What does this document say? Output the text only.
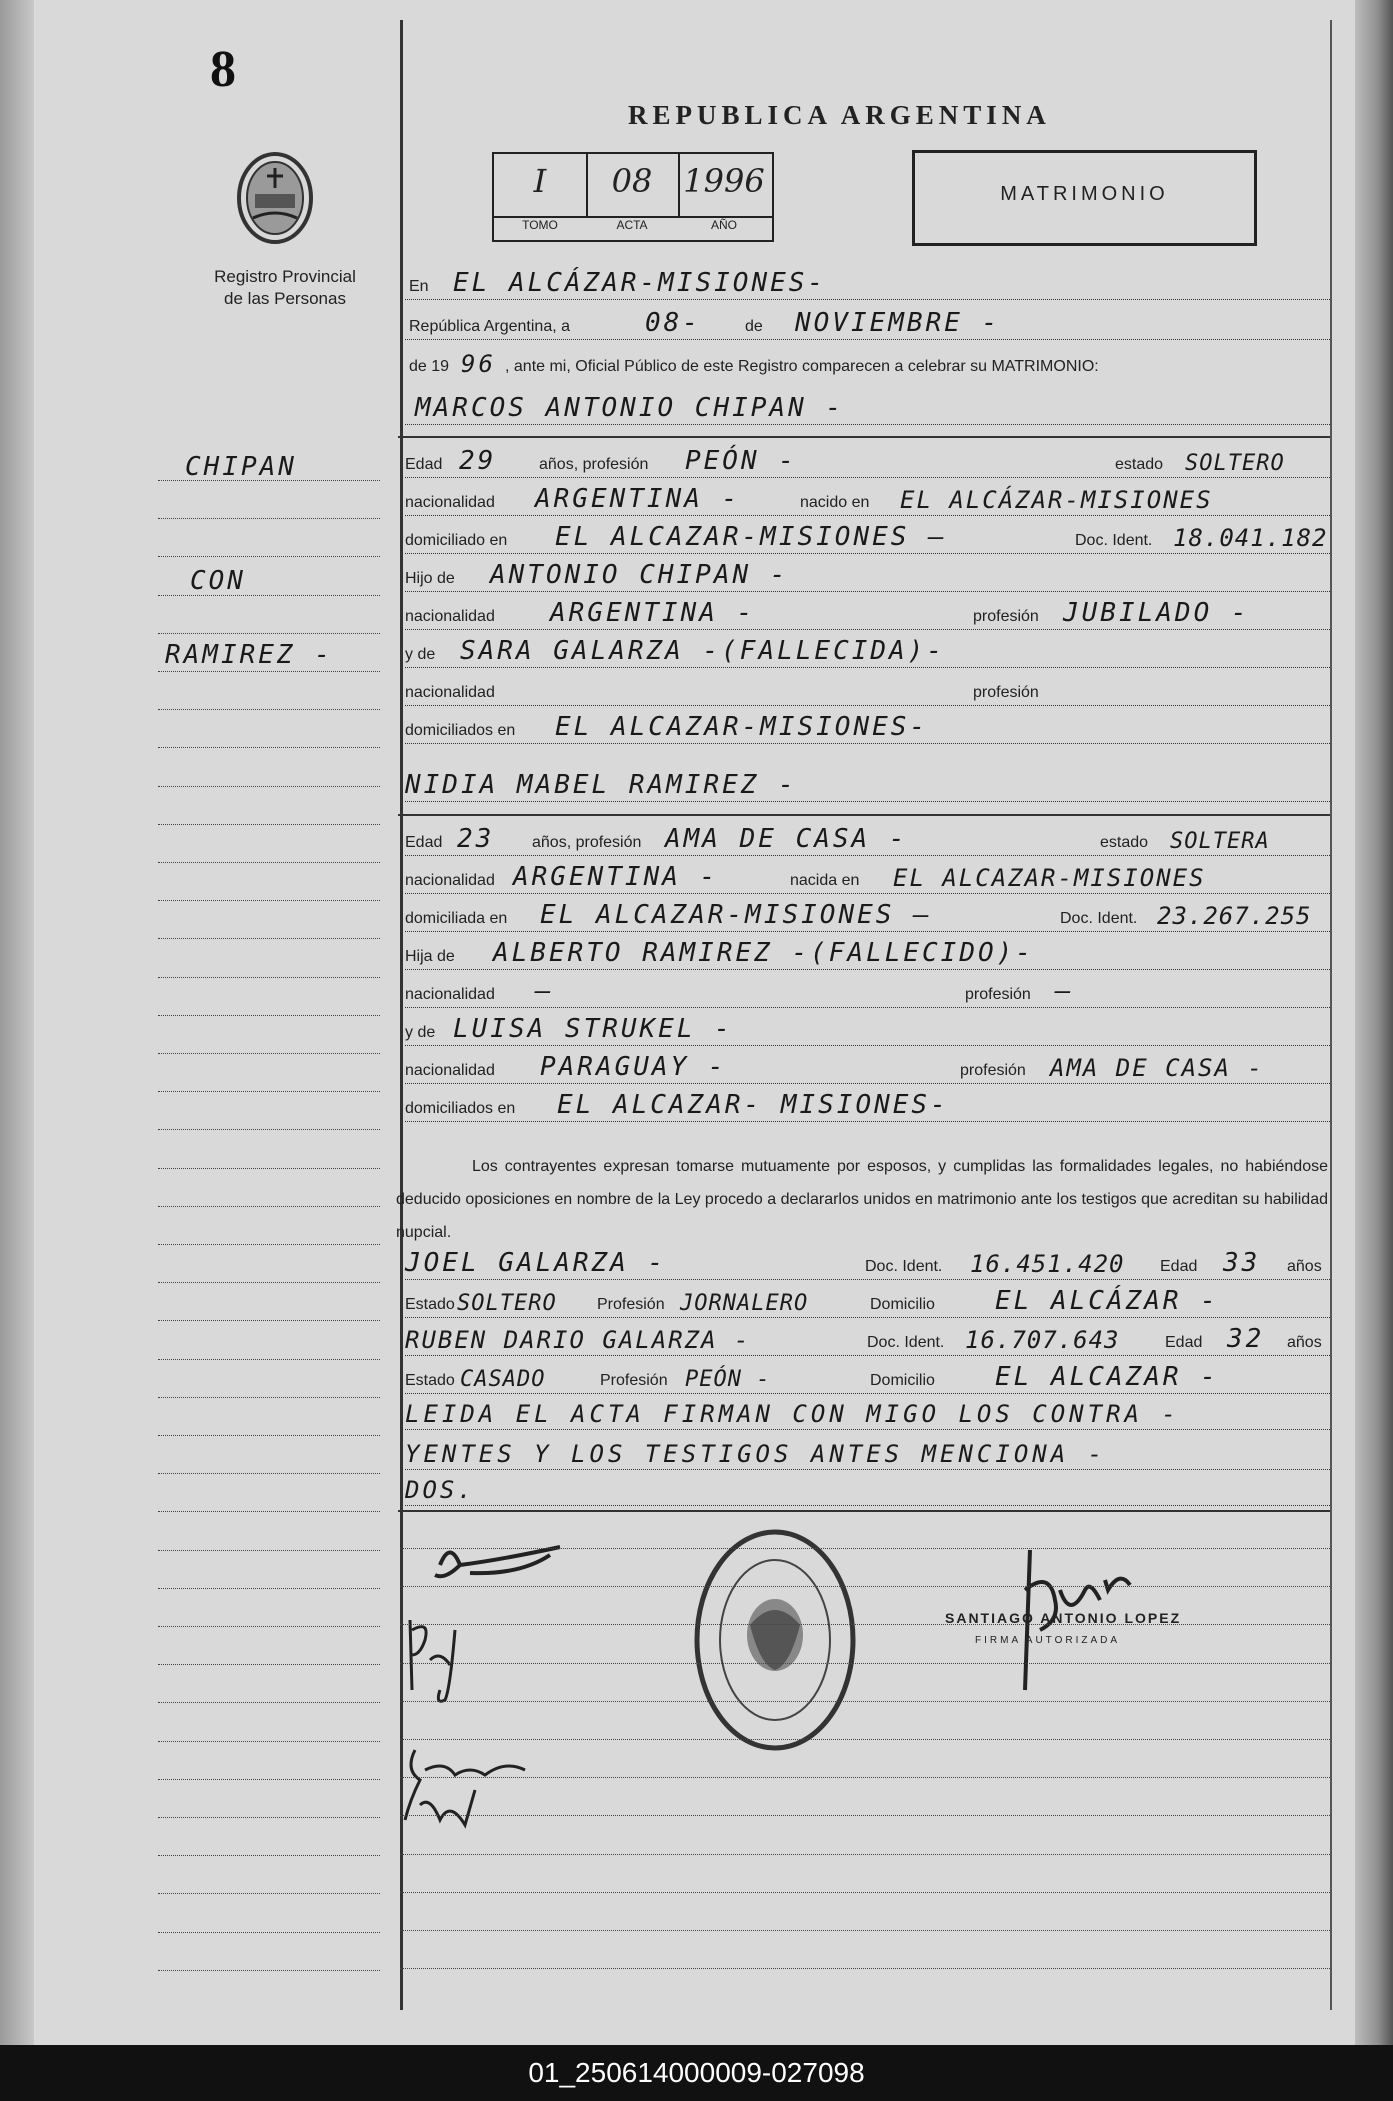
8
Registro Provincial
de las Personas
REPUBLICA ARGENTINA
I	08 1996
TOMO	ACTA	AÑO
MATRIMONIO
En EL ALCÁZAR-MISIONES-
República Argentina, a	08-	de NOVIEMBRE -
de 19 96 , ante mi, Oficial Público de este Registro comparecen a celebrar su MATRIMONIO:
MARCOS ANTONIO CHIPAN -
Edad 29	años, profesión PEÓN -	estado SOLTERO
nacionalidad ARGENTINA -	nacido en EL ALCÁZAR-MISIONES
domiciliado en EL ALCAZAR-MISIONES —	Doc. Ident. 18.041.182
Hijo de ANTONIO CHIPAN -
nacionalidad ARGENTINA -	profesión JUBILADO -
y de SARA GALARZA -(FALLECIDA)-
nacionalidad	profesión
domiciliados en EL ALCAZAR-MISIONES-
NIDIA MABEL RAMIREZ -
Edad 23 años, profesión AMA DE CASA -	estado SOLTERA
nacionalidad ARGENTINA -	nacida en EL ALCAZAR-MISIONES
domiciliada en EL ALCAZAR-MISIONES —	Doc. Ident. 23.267.255
Hija de ALBERTO RAMIREZ -(FALLECIDO)-
nacionalidad —	profesión —
y de LUISA STRUKEL -
nacionalidad PARAGUAY -	profesión AMA DE CASA -
domiciliados en EL ALCAZAR- MISIONES-
Los contrayentes expresan tomarse mutuamente por esposos, y cumplidas las formalidades legales, no habiéndose deducido oposiciones en nombre de la Ley procedo a declararlos unidos en matrimonio ante los testigos que acreditan su habilidad nupcial.
JOEL GALARZA -	Doc. Ident. 16.451.420 Edad 33 años
Estado SOLTERO	Profesión JORNALERO	Domicilio EL ALCÁZAR -
RUBEN DARIO GALARZA -	Doc. Ident. 16.707.643	Edad 32 años
Estado CASADO	Profesión PEÓN -	Domicilio EL ALCAZAR -
LEIDA EL ACTA FIRMAN CON MIGO LOS CONTRA -
YENTES Y LOS TESTIGOS ANTES MENCIONA -
DOS.
CHIPAN
CON
RAMIREZ -
SANTIAGO ANTONIO LOPEZ
FIRMA AUTORIZADA
01_250614000009-027098
